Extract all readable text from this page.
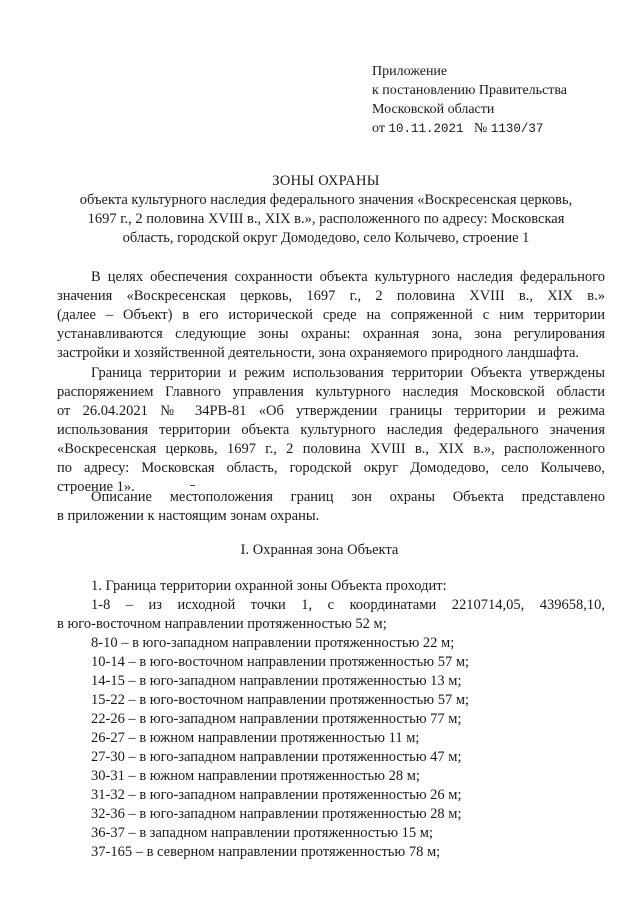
Приложение
к постановлению Правительства
Московской области
от 10.11.2021 № 1130/37
ЗОНЫ ОХРАНЫ
объекта культурного наследия федерального значения «Воскресенская церковь,
1697 г., 2 половина XVIII в., XIX в.», расположенного по адресу: Московская
область, городской округ Домодедово, село Колычево, строение 1
В целях обеспечения сохранности объекта культурного наследия федерального
значения «Воскресенская церковь, 1697 г., 2 половина XVIII в., XIX в.»
(далее – Объект) в его исторической среде на сопряженной с ним территории
устанавливаются следующие зоны охраны: охранная зона, зона регулирования
застройки и хозяйственной деятельности, зона охраняемого природного ландшафта.
Граница территории и режим использования территории Объекта утверждены
распоряжением Главного управления культурного наследия Московской области
от 26.04.2021 № 34РВ-81 «Об утверждении границы территории и режима
использования территории объекта культурного наследия федерального значения
«Воскресенская церковь, 1697 г., 2 половина XVIII в., XIX в.», расположенного
по адресу: Московская область, городской округ Домодедово, село Колычево,
строение 1».
Описание местоположения границ зон охраны Объекта представлено
в приложении к настоящим зонам охраны.
I. Охранная зона Объекта
1. Граница территории охранной зоны Объекта проходит:
1-8 – из исходной точки 1, с координатами 2210714,05, 439658,10,
в юго-восточном направлении протяженностью 52 м;
8-10 – в юго-западном направлении протяженностью 22 м;
10-14 – в юго-восточном направлении протяженностью 57 м;
14-15 – в юго-западном направлении протяженностью 13 м;
15-22 – в юго-восточном направлении протяженностью 57 м;
22-26 – в юго-западном направлении протяженностью 77 м;
26-27 – в южном направлении протяженностью 11 м;
27-30 – в юго-западном направлении протяженностью 47 м;
30-31 – в южном направлении протяженностью 28 м;
31-32 – в юго-западном направлении протяженностью 26 м;
32-36 – в юго-западном направлении протяженностью 28 м;
36-37 – в западном направлении протяженностью 15 м;
37-165 – в северном направлении протяженностью 78 м;
